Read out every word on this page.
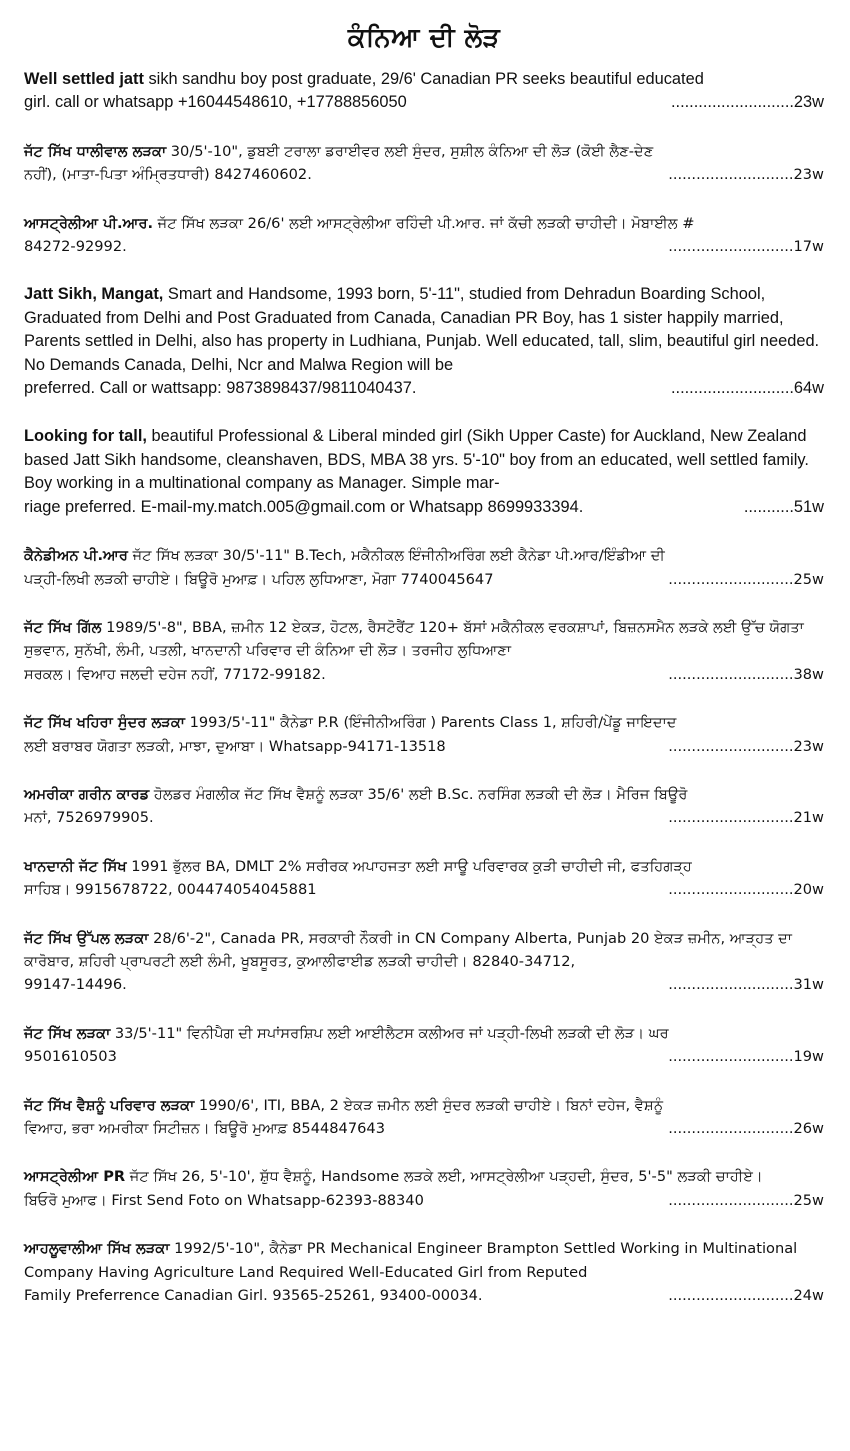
ਕੰਨਿਆ ਦੀ ਲੋੜ
Well settled jatt sikh sandhu boy post graduate, 29/6' Canadian PR seeks beautiful educated
girl. call or whatsapp +16044548610, +17788856050	...........................23w
ਜੱਟ ਸਿੱਖ ਧਾਲੀਵਾਲ ਲੜਕਾ 30/5'-10", ਡੁਬਈ ਟਰਾਲਾ ਡਰਾਈਵਰ ਲਈ ਸੁੰਦਰ, ਸੁਸ਼ੀਲ ਕੰਨਿਆ ਦੀ ਲੋੜ (ਕੋਈ ਲੈਣ-ਦੇਣ
ਨਹੀਂ), (ਮਾਤਾ-ਪਿਤਾ ਅੰਮ੍ਰਿਤਧਾਰੀ) 8427460602.	...........................23w
ਆਸਟ੍ਰੇਲੀਆ ਪੀ.ਆਰ. ਜੱਟ ਸਿੱਖ ਲੜਕਾ 26/6' ਲਈ ਆਸਟ੍ਰੇਲੀਆ ਰਹਿੰਦੀ ਪੀ.ਆਰ. ਜਾਂ ਕੱਚੀ ਲੜਕੀ ਚਾਹੀਦੀ। ਮੋਬਾਈਲ #
84272-92992.	...........................17w
Jatt Sikh, Mangat, Smart and Handsome, 1993 born, 5'-11", studied from Dehradun Boarding School, Graduated from Delhi and Post Graduated from Canada, Canadian PR Boy, has 1 sister happily married, Parents settled in Delhi, also has property in Ludhiana, Punjab. Well educated, tall, slim, beautiful girl needed. No Demands Canada, Delhi, Ncr and Malwa Region will be
preferred. Call or wattsapp: 9873898437/9811040437.	...........................64w
Looking for tall, beautiful Professional & Liberal minded girl (Sikh Upper Caste) for Auckland, New Zealand based Jatt Sikh handsome, cleanshaven, BDS, MBA 38 yrs. 5'-10" boy from an educated, well settled family. Boy working in a multinational company as Manager. Simple mar-
riage preferred. E-mail-my.match.005@gmail.com or Whatsapp 8699933394.	...........51w
ਕੈਨੇਡੀਅਨ ਪੀ.ਆਰ ਜੱਟ ਸਿੱਖ ਲੜਕਾ 30/5'-11" B.Tech, ਮਕੈਨੀਕਲ ਇੰਜੀਨੀਅਰਿੰਗ ਲਈ ਕੈਨੇਡਾ ਪੀ.ਆਰ/ਇੰਡੀਆ ਦੀ
ਪੜ੍ਹੀ-ਲਿਖੀ ਲੜਕੀ ਚਾਹੀਏ। ਬਿਊਰੋ ਮੁਆਫ਼। ਪਹਿਲ ਲੁਧਿਆਣਾ, ਮੋਗਾ 7740045647	...........................25w
ਜੱਟ ਸਿੱਖ ਗਿੱਲ 1989/5'-8", BBA, ਜ਼ਮੀਨ 12 ਏਕੜ, ਹੋਟਲ, ਰੈਸਟੋਰੈਂਟ 120+ ਬੱਸਾਂ ਮਕੈਨੀਕਲ ਵਰਕਸ਼ਾਪਾਂ, ਬਿਜ਼ਨਸਮੈਨ ਲੜਕੇ ਲਈ ਉੱਚ ਯੋਗਤਾ ਸੁਭਵਾਨ, ਸੁਨੱਖੀ, ਲੰਮੀ, ਪਤਲੀ, ਖਾਨਦਾਨੀ ਪਰਿਵਾਰ ਦੀ ਕੰਨਿਆ ਦੀ ਲੋੜ। ਤਰਜੀਹ ਲੁਧਿਆਣਾ
ਸਰਕਲ। ਵਿਆਹ ਜਲਦੀ ਦਹੇਜ ਨਹੀਂ, 77172-99182.	...........................38w
ਜੱਟ ਸਿੱਖ ਖਹਿਰਾ ਸੁੰਦਰ ਲੜਕਾ 1993/5'-11" ਕੈਨੇਡਾ P.R (ਇੰਜੀਨੀਅਰਿੰਗ ) Parents Class 1, ਸ਼ਹਿਰੀ/ਪੇਂਡੂ ਜਾਇਦਾਦ
ਲਈ ਬਰਾਬਰ ਯੋਗਤਾ ਲੜਕੀ, ਮਾਝਾ, ਦੁਆਬਾ। Whatsapp-94171-13518	...........................23w
ਅਮਰੀਕਾ ਗਰੀਨ ਕਾਰਡ ਹੋਲਡਰ ਮੰਗਲੀਕ ਜੱਟ ਸਿੱਖ ਵੈਸ਼ਨੂੰ ਲੜਕਾ 35/6' ਲਈ B.Sc. ਨਰਸਿੰਗ ਲੜਕੀ ਦੀ ਲੋੜ। ਮੈਰਿਜ ਬਿਊਰੋ
ਮਨਾਂ, 7526979905.	...........................21w
ਖਾਨਦਾਨੀ ਜੱਟ ਸਿੱਖ 1991 ਭੁੱਲਰ BA, DMLT 2% ਸਰੀਰਕ ਅਪਾਹਜਤਾ ਲਈ ਸਾਊ ਪਰਿਵਾਰਕ ਕੁੜੀ ਚਾਹੀਦੀ ਜੀ, ਫਤਹਿਗੜ੍ਹ
ਸਾਹਿਬ। 9915678722, 004474054045881	...........................20w
ਜੱਟ ਸਿੱਖ ਉੱਪਲ ਲੜਕਾ 28/6'-2", Canada PR, ਸਰਕਾਰੀ ਨੌਕਰੀ in CN Company Alberta, Punjab 20 ਏਕੜ ਜ਼ਮੀਨ, ਆੜ੍ਹਤ ਦਾ ਕਾਰੋਬਾਰ, ਸ਼ਹਿਰੀ ਪ੍ਰਾਪਰਟੀ ਲਈ ਲੰਮੀ, ਖੂਬਸੂਰਤ, ਕੁਆਲੀਫਾਈਡ ਲੜਕੀ ਚਾਹੀਦੀ। 82840-34712,
99147-14496.	...........................31w
ਜੱਟ ਸਿੱਖ ਲੜਕਾ 33/5'-11" ਵਿਨੀਪੈਗ ਦੀ ਸਪਾਂਸਰਸ਼ਿਪ ਲਈ ਆਈਲੈਟਸ ਕਲੀਅਰ ਜਾਂ ਪੜ੍ਹੀ-ਲਿਖੀ ਲੜਕੀ ਦੀ ਲੋੜ। ਘਰ
9501610503	...........................19w
ਜੱਟ ਸਿੱਖ ਵੈਸ਼ਨੂੰ ਪਰਿਵਾਰ ਲੜਕਾ 1990/6', ITI, BBA, 2 ਏਕੜ ਜ਼ਮੀਨ ਲਈ ਸੁੰਦਰ ਲੜਕੀ ਚਾਹੀਏ। ਬਿਨਾਂ ਦਹੇਜ, ਵੈਸ਼ਨੂੰ
ਵਿਆਹ, ਭਰਾ ਅਮਰੀਕਾ ਸਿਟੀਜ਼ਨ। ਬਿਊਰੋ ਮੁਆਫ਼ 8544847643	...........................26w
ਆਸਟ੍ਰੇਲੀਆ PR ਜੱਟ ਸਿੱਖ 26, 5'-10', ਸ਼ੁੱਧ ਵੈਸ਼ਨੂੰ, Handsome ਲੜਕੇ ਲਈ, ਆਸਟ੍ਰੇਲੀਆ ਪੜ੍ਹਦੀ, ਸੁੰਦਰ, 5'-5" ਲੜਕੀ ਚਾਹੀਏ।
ਬਿਓਰੋ ਮੁਆਫ। First Send Foto on Whatsapp-62393-88340	...........................25w
ਆਹਲੂਵਾਲੀਆ ਸਿੱਖ ਲੜਕਾ 1992/5'-10", ਕੈਨੇਡਾ PR Mechanical Engineer Brampton Settled Working in Multinational Company Having Agriculture Land Required Well-Educated Girl from Reputed
Family Preferrence Canadian Girl. 93565-25261, 93400-00034.	...........................24w
